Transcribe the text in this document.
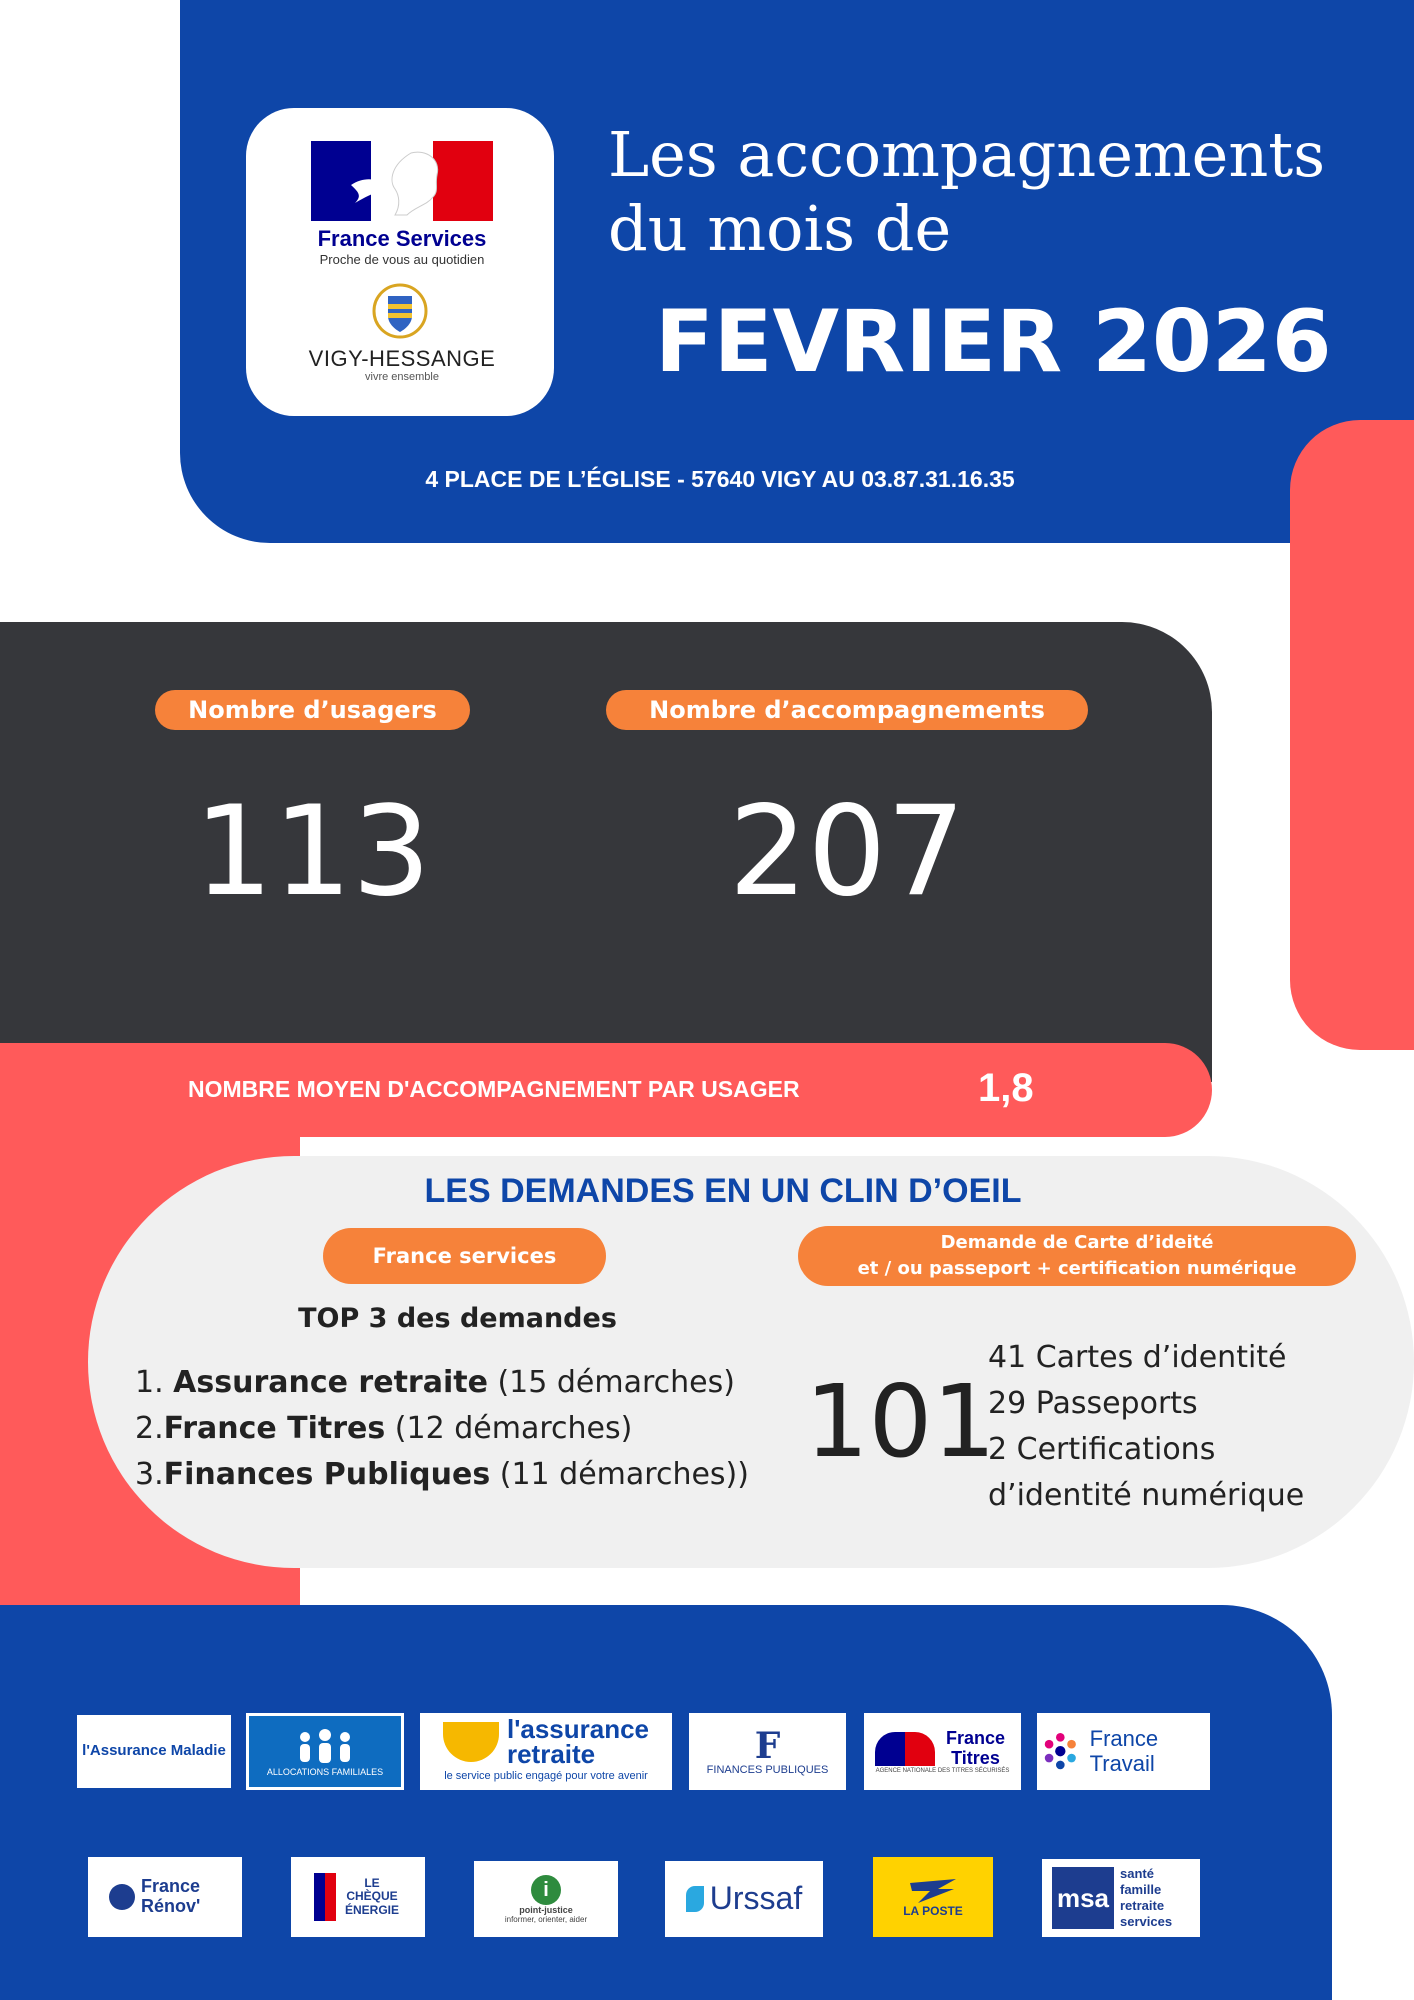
France Services
Proche de vous au quotidien
VIGY-HESSANGE
vivre ensemble
Les accompagnements
du mois de
FEVRIER 2026
4 PLACE DE L’ÉGLISE - 57640 VIGY AU 03.87.31.16.35
Nombre d’usagers	Nombre d’accompagnements
113	207
NOMBRE MOYEN D'ACCOMPAGNEMENT PAR USAGER	1,8
LES DEMANDES EN UN CLIN D’OEIL
France services
Demande de Carte d’ideité
et / ou passeport + certification numérique
TOP 3 des demandes
1. Assurance retraite (15 démarches)
2.France Titres (12 démarches)
3.Finances Publiques (11 démarches)) 101
41 Cartes d’identité
29 Passeports
2 Certifications
d’identité numérique
l'Assurance Maladie
ALLOCATIONS FAMILIALES
l'assurance
retraite
le service public engagé pour votre avenir
F
FINANCES PUBLIQUES
France Titres
AGENCE NATIONALE DES TITRES SÉCURISÉS
France Travail
France Rénov'
LE CHÈQUE ÉNERGIE
i
point-justice
informer, orienter, aider
Urssaf	LA POSTE	msa
santé famille retraite services
